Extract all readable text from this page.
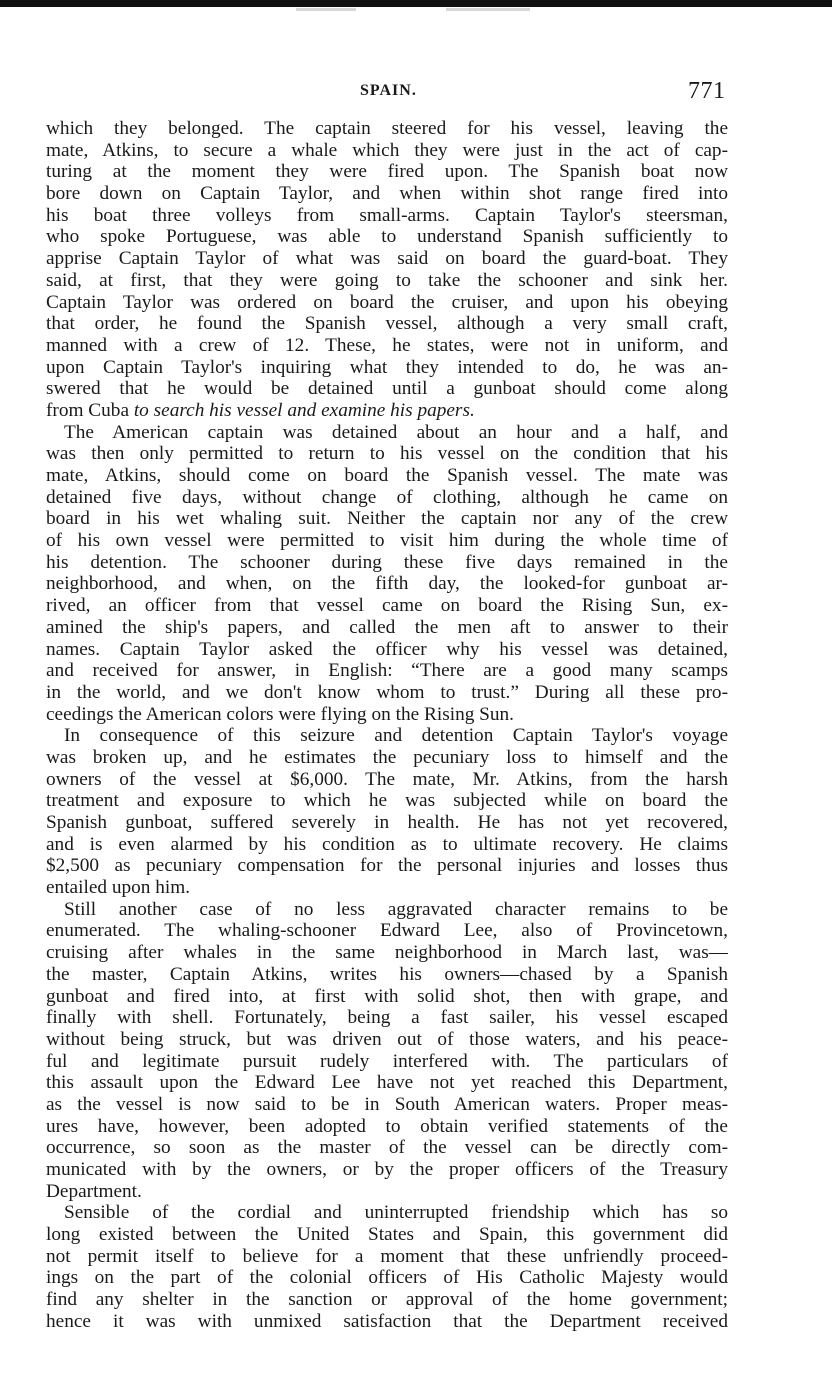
SPAIN.	771
which they belonged. The captain steered for his vessel, leaving the
mate, Atkins, to secure a whale which they were just in the act of cap-
turing at the moment they were fired upon. The Spanish boat now
bore down on Captain Taylor, and when within shot range fired into
his boat three volleys from small-arms. Captain Taylor's steersman,
who spoke Portuguese, was able to understand Spanish sufficiently to
apprise Captain Taylor of what was said on board the guard-boat. They
said, at first, that they were going to take the schooner and sink her.
Captain Taylor was ordered on board the cruiser, and upon his obeying
that order, he found the Spanish vessel, although a very small craft,
manned with a crew of 12. These, he states, were not in uniform, and
upon Captain Taylor's inquiring what they intended to do, he was an-
swered that he would be detained until a gunboat should come along
from Cuba to search his vessel and examine his papers.
The American captain was detained about an hour and a half, and
was then only permitted to return to his vessel on the condition that his
mate, Atkins, should come on board the Spanish vessel. The mate was
detained five days, without change of clothing, although he came on
board in his wet whaling suit. Neither the captain nor any of the crew
of his own vessel were permitted to visit him during the whole time of
his detention. The schooner during these five days remained in the
neighborhood, and when, on the fifth day, the looked-for gunboat ar-
rived, an officer from that vessel came on board the Rising Sun, ex-
amined the ship's papers, and called the men aft to answer to their
names. Captain Taylor asked the officer why his vessel was detained,
and received for answer, in English: “There are a good many scamps
in the world, and we don't know whom to trust.” During all these pro-
ceedings the American colors were flying on the Rising Sun.
In consequence of this seizure and detention Captain Taylor's voyage
was broken up, and he estimates the pecuniary loss to himself and the
owners of the vessel at $6,000. The mate, Mr. Atkins, from the harsh
treatment and exposure to which he was subjected while on board the
Spanish gunboat, suffered severely in health. He has not yet recovered,
and is even alarmed by his condition as to ultimate recovery. He claims
$2,500 as pecuniary compensation for the personal injuries and losses thus
entailed upon him.
Still another case of no less aggravated character remains to be
enumerated. The whaling-schooner Edward Lee, also of Provincetown,
cruising after whales in the same neighborhood in March last, was—
the master, Captain Atkins, writes his owners—chased by a Spanish
gunboat and fired into, at first with solid shot, then with grape, and
finally with shell. Fortunately, being a fast sailer, his vessel escaped
without being struck, but was driven out of those waters, and his peace-
ful and legitimate pursuit rudely interfered with. The particulars of
this assault upon the Edward Lee have not yet reached this Department,
as the vessel is now said to be in South American waters. Proper meas-
ures have, however, been adopted to obtain verified statements of the
occurrence, so soon as the master of the vessel can be directly com-
municated with by the owners, or by the proper officers of the Treasury
Department.
Sensible of the cordial and uninterrupted friendship which has so
long existed between the United States and Spain, this government did
not permit itself to believe for a moment that these unfriendly proceed-
ings on the part of the colonial officers of His Catholic Majesty would
find any shelter in the sanction or approval of the home government;
hence it was with unmixed satisfaction that the Department received
